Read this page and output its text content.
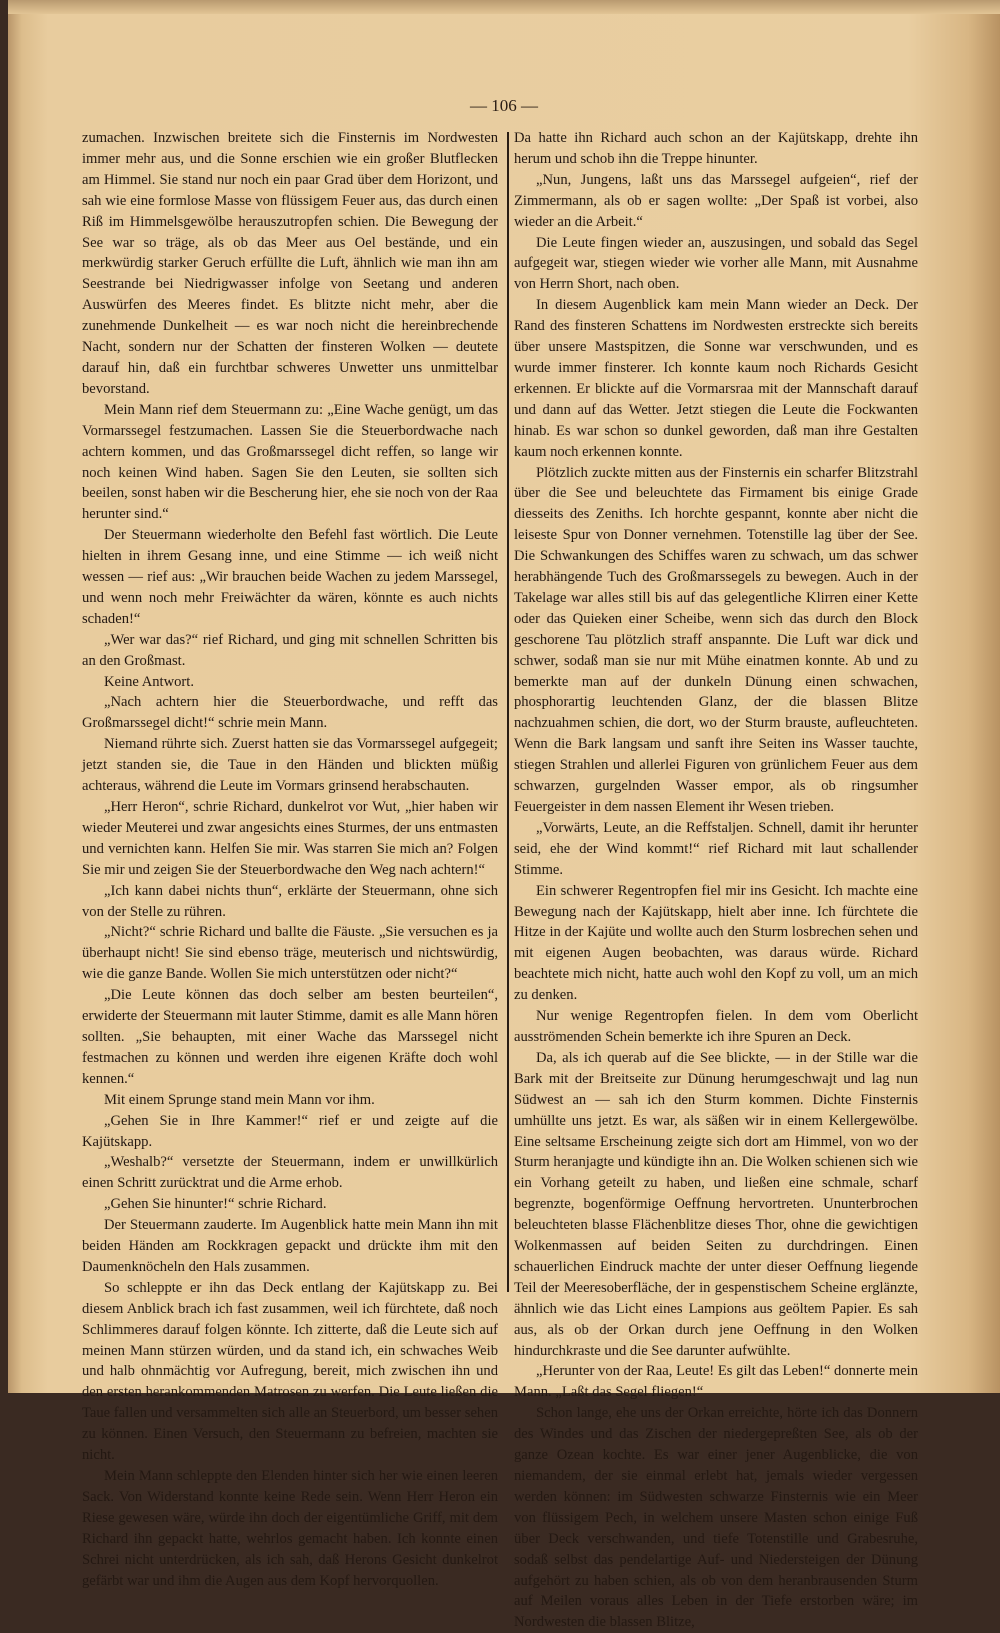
— 106 —

zumachen. Inzwischen breitete sich die Finsternis im Nordwesten immer mehr aus, und die Sonne erschien wie ein großer Blutflecken am Himmel. Sie stand nur noch ein paar Grad über dem Horizont, und sah wie eine formlose Masse von flüssigem Feuer aus, das durch einen Riß im Himmelsgewölbe herauszutropfen schien. Die Bewegung der See war so träge, als ob das Meer aus Oel bestände, und ein merkwürdig starker Geruch erfüllte die Luft, ähnlich wie man ihn am Seestrande bei Niedrigwasser infolge von Seetang und anderen Auswürfen des Meeres findet. Es blitzte nicht mehr, aber die zunehmende Dunkelheit — es war noch nicht die hereinbrechende Nacht, sondern nur der Schatten der finsteren Wolken — deutete darauf hin, daß ein furchtbar schweres Unwetter uns unmittelbar bevorstand.

Mein Mann rief dem Steuermann zu: „Eine Wache genügt, um das Vormarssegel festzumachen. Lassen Sie die Steuerbordwache nach achtern kommen, und das Großmarssegel dicht reffen, so lange wir noch keinen Wind haben. Sagen Sie den Leuten, sie sollten sich beeilen, sonst haben wir die Bescherung hier, ehe sie noch von der Raa herunter sind.“

Der Steuermann wiederholte den Befehl fast wörtlich. Die Leute hielten in ihrem Gesang inne, und eine Stimme — ich weiß nicht wessen — rief aus: „Wir brauchen beide Wachen zu jedem Marssegel, und wenn noch mehr Freiwächter da wären, könnte es auch nichts schaden!“

„Wer war das?“ rief Richard, und ging mit schnellen Schritten bis an den Großmast.

Keine Antwort.

„Nach achtern hier die Steuerbordwache, und refft das Großmarssegel dicht!“ schrie mein Mann.

Niemand rührte sich. Zuerst hatten sie das Vormarssegel aufgegeit; jetzt standen sie, die Taue in den Händen und blickten müßig achteraus, während die Leute im Vormars grinsend herabschauten.

„Herr Heron“, schrie Richard, dunkelrot vor Wut, „hier haben wir wieder Meuterei und zwar angesichts eines Sturmes, der uns entmasten und vernichten kann. Helfen Sie mir. Was starren Sie mich an? Folgen Sie mir und zeigen Sie der Steuerbordwache den Weg nach achtern!“

„Ich kann dabei nichts thun“, erklärte der Steuermann, ohne sich von der Stelle zu rühren.

„Nicht?“ schrie Richard und ballte die Fäuste. „Sie versuchen es ja überhaupt nicht! Sie sind ebenso träge, meuterisch und nichtswürdig, wie die ganze Bande. Wollen Sie mich unterstützen oder nicht?“

„Die Leute können das doch selber am besten beurteilen“, erwiderte der Steuermann mit lauter Stimme, damit es alle Mann hören sollten. „Sie behaupten, mit einer Wache das Marssegel nicht festmachen zu können und werden ihre eigenen Kräfte doch wohl kennen.“

Mit einem Sprunge stand mein Mann vor ihm.

„Gehen Sie in Ihre Kammer!“ rief er und zeigte auf die Kajütskapp.

„Weshalb?“ versetzte der Steuermann, indem er unwillkürlich einen Schritt zurücktrat und die Arme erhob.

„Gehen Sie hinunter!“ schrie Richard.

Der Steuermann zauderte. Im Augenblick hatte mein Mann ihn mit beiden Händen am Rockkragen gepackt und drückte ihm mit den Daumenknöcheln den Hals zusammen.

So schleppte er ihn das Deck entlang der Kajütskapp zu. Bei diesem Anblick brach ich fast zusammen, weil ich fürchtete, daß noch Schlimmeres darauf folgen könnte. Ich zitterte, daß die Leute sich auf meinen Mann stürzen würden, und da stand ich, ein schwaches Weib und halb ohnmächtig vor Aufregung, bereit, mich zwischen ihn und den ersten herankommenden Matrosen zu werfen. Die Leute ließen die Taue fallen und versammelten sich alle an Steuerbord, um besser sehen zu können. Einen Versuch, den Steuermann zu befreien, machten sie nicht.

Mein Mann schleppte den Elenden hinter sich her wie einen leeren Sack. Von Widerstand konnte keine Rede sein. Wenn Herr Heron ein Riese gewesen wäre, würde ihn doch der eigentümliche Griff, mit dem Richard ihn gepackt hatte, wehrlos gemacht haben. Ich konnte einen Schrei nicht unterdrücken, als ich sah, daß Herons Gesicht dunkelrot gefärbt war und ihm die Augen aus dem Kopf hervorquollen.

Da hatte ihn Richard auch schon an der Kajütskapp, drehte ihn herum und schob ihn die Treppe hinunter.

„Nun, Jungens, laßt uns das Marssegel aufgeien“, rief der Zimmermann, als ob er sagen wollte: „Der Spaß ist vorbei, also wieder an die Arbeit.“

Die Leute fingen wieder an, auszusingen, und sobald das Segel aufgegeit war, stiegen wieder wie vorher alle Mann, mit Ausnahme von Herrn Short, nach oben.

In diesem Augenblick kam mein Mann wieder an Deck. Der Rand des finsteren Schattens im Nordwesten erstreckte sich bereits über unsere Mastspitzen, die Sonne war verschwunden, und es wurde immer finsterer. Ich konnte kaum noch Richards Gesicht erkennen. Er blickte auf die Vormarsraa mit der Mannschaft darauf und dann auf das Wetter. Jetzt stiegen die Leute die Fockwanten hinab. Es war schon so dunkel geworden, daß man ihre Gestalten kaum noch erkennen konnte.

Plötzlich zuckte mitten aus der Finsternis ein scharfer Blitzstrahl über die See und beleuchtete das Firmament bis einige Grade diesseits des Zeniths. Ich horchte gespannt, konnte aber nicht die leiseste Spur von Donner vernehmen. Totenstille lag über der See. Die Schwankungen des Schiffes waren zu schwach, um das schwer herabhängende Tuch des Großmarssegels zu bewegen. Auch in der Takelage war alles still bis auf das gelegentliche Klirren einer Kette oder das Quieken einer Scheibe, wenn sich das durch den Block geschorene Tau plötzlich straff anspannte. Die Luft war dick und schwer, sodaß man sie nur mit Mühe einatmen konnte. Ab und zu bemerkte man auf der dunkeln Dünung einen schwachen, phosphorartig leuchtenden Glanz, der die blassen Blitze nachzuahmen schien, die dort, wo der Sturm brauste, aufleuchteten. Wenn die Bark langsam und sanft ihre Seiten ins Wasser tauchte, stiegen Strahlen und allerlei Figuren von grünlichem Feuer aus dem schwarzen, gurgelnden Wasser empor, als ob ringsumher Feuergeister in dem nassen Element ihr Wesen trieben.

„Vorwärts, Leute, an die Reffstaljen. Schnell, damit ihr herunter seid, ehe der Wind kommt!“ rief Richard mit laut schallender Stimme.

Ein schwerer Regentropfen fiel mir ins Gesicht. Ich machte eine Bewegung nach der Kajütskapp, hielt aber inne. Ich fürchtete die Hitze in der Kajüte und wollte auch den Sturm losbrechen sehen und mit eigenen Augen beobachten, was daraus würde. Richard beachtete mich nicht, hatte auch wohl den Kopf zu voll, um an mich zu denken.

Nur wenige Regentropfen fielen. In dem vom Oberlicht ausströmenden Schein bemerkte ich ihre Spuren an Deck.

Da, als ich querab auf die See blickte, — in der Stille war die Bark mit der Breitseite zur Dünung herumgeschwajt und lag nun Südwest an — sah ich den Sturm kommen. Dichte Finsternis umhüllte uns jetzt. Es war, als säßen wir in einem Kellergewölbe. Eine seltsame Erscheinung zeigte sich dort am Himmel, von wo der Sturm heranjagte und kündigte ihn an. Die Wolken schienen sich wie ein Vorhang geteilt zu haben, und ließen eine schmale, scharf begrenzte, bogenförmige Oeffnung hervortreten. Ununterbrochen beleuchteten blasse Flächenblitze dieses Thor, ohne die gewichtigen Wolkenmassen auf beiden Seiten zu durchdringen. Einen schauerlichen Eindruck machte der unter dieser Oeffnung liegende Teil der Meeresoberfläche, der in gespenstischem Scheine erglänzte, ähnlich wie das Licht eines Lampions aus geöltem Papier. Es sah aus, als ob der Orkan durch jene Oeffnung in den Wolken hindurchkraste und die See darunter aufwühlte.

„Herunter von der Raa, Leute! Es gilt das Leben!“ donnerte mein Mann. „Laßt das Segel fliegen!“

Schon lange, ehe uns der Orkan erreichte, hörte ich das Donnern des Windes und das Zischen der niedergepreßten See, als ob der ganze Ozean kochte. Es war einer jener Augenblicke, die von niemandem, der sie einmal erlebt hat, jemals wieder vergessen werden können: im Südwesten schwarze Finsternis wie ein Meer von flüssigem Pech, in welchem unsere Masten schon einige Fuß über Deck verschwanden, und tiefe Totenstille und Grabesruhe, sodaß selbst das pendelartige Auf- und Niedersteigen der Dünung aufgehört zu haben schien, als ob von dem heranbrausenden Sturm auf Meilen voraus alles Leben in der Tiefe erstorben wäre; im Nordwesten die blassen Blitze,
